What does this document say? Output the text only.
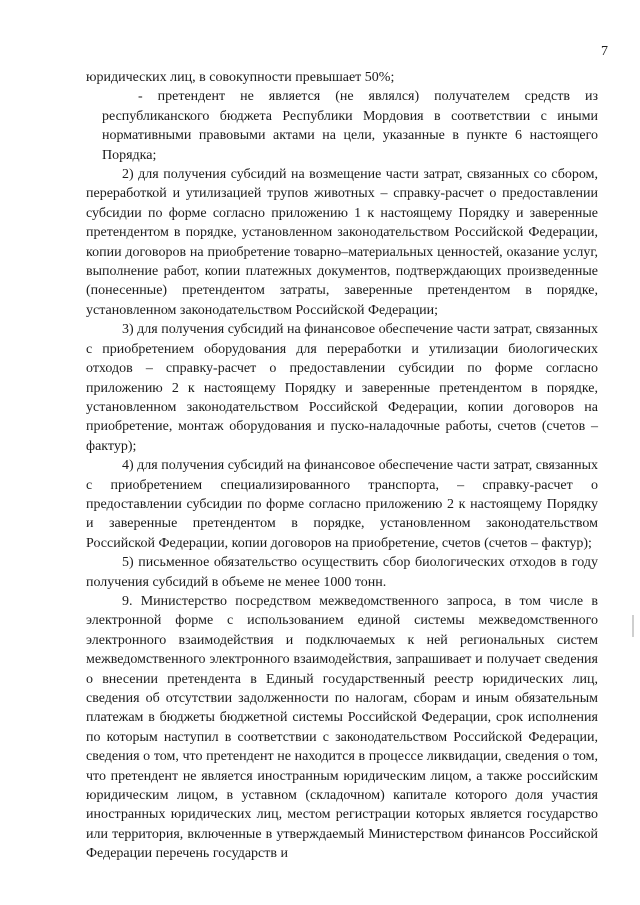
7

юридических лиц, в совокупности превышает 50%;

- претендент не является (не являлся) получателем средств из республиканского бюджета Республики Мордовия в соответствии с иными нормативными правовыми актами на цели, указанные в пункте 6 настоящего Порядка;

2) для получения субсидий на возмещение части затрат, связанных со сбором, переработкой и утилизацией трупов животных – справку-расчет о предоставлении субсидии по форме согласно приложению 1 к настоящему Порядку и заверенные претендентом в порядке, установленном законодательством Российской Федерации, копии договоров на приобретение товарно–материальных ценностей, оказание услуг, выполнение работ, копии платежных документов, подтверждающих произведенные (понесенные) претендентом затраты, заверенные претендентом в порядке, установленном законодательством Российской Федерации;

3) для получения субсидий на финансовое обеспечение части затрат, связанных с приобретением оборудования для переработки и утилизации биологических отходов – справку-расчет о предоставлении субсидии по форме согласно приложению 2 к настоящему Порядку и заверенные претендентом в порядке, установленном законодательством Российской Федерации, копии договоров на приобретение, монтаж оборудования и пуско-наладочные работы, счетов (счетов – фактур);

4) для получения субсидий на финансовое обеспечение части затрат, связанных с приобретением специализированного транспорта, – справку-расчет о предоставлении субсидии по форме согласно приложению 2 к настоящему Порядку и заверенные претендентом в порядке, установленном законодательством Российской Федерации, копии договоров на приобретение, счетов (счетов – фактур);

5) письменное обязательство осуществить сбор биологических отходов в году получения субсидий в объеме не менее 1000 тонн.

9. Министерство посредством межведомственного запроса, в том числе в электронной форме с использованием единой системы межведомственного электронного взаимодействия и подключаемых к ней региональных систем межведомственного электронного взаимодействия, запрашивает и получает сведения о внесении претендента в Единый государственный реестр юридических лиц, сведения об отсутствии задолженности по налогам, сборам и иным обязательным платежам в бюджеты бюджетной системы Российской Федерации, срок исполнения по которым наступил в соответствии с законодательством Российской Федерации, сведения о том, что претендент не находится в процессе ликвидации, сведения о том, что претендент не является иностранным юридическим лицом, а также российским юридическим лицом, в уставном (складочном) капитале которого доля участия иностранных юридических лиц, местом регистрации которых является государство или территория, включенные в утверждаемый Министерством финансов Российской Федерации перечень государств и
